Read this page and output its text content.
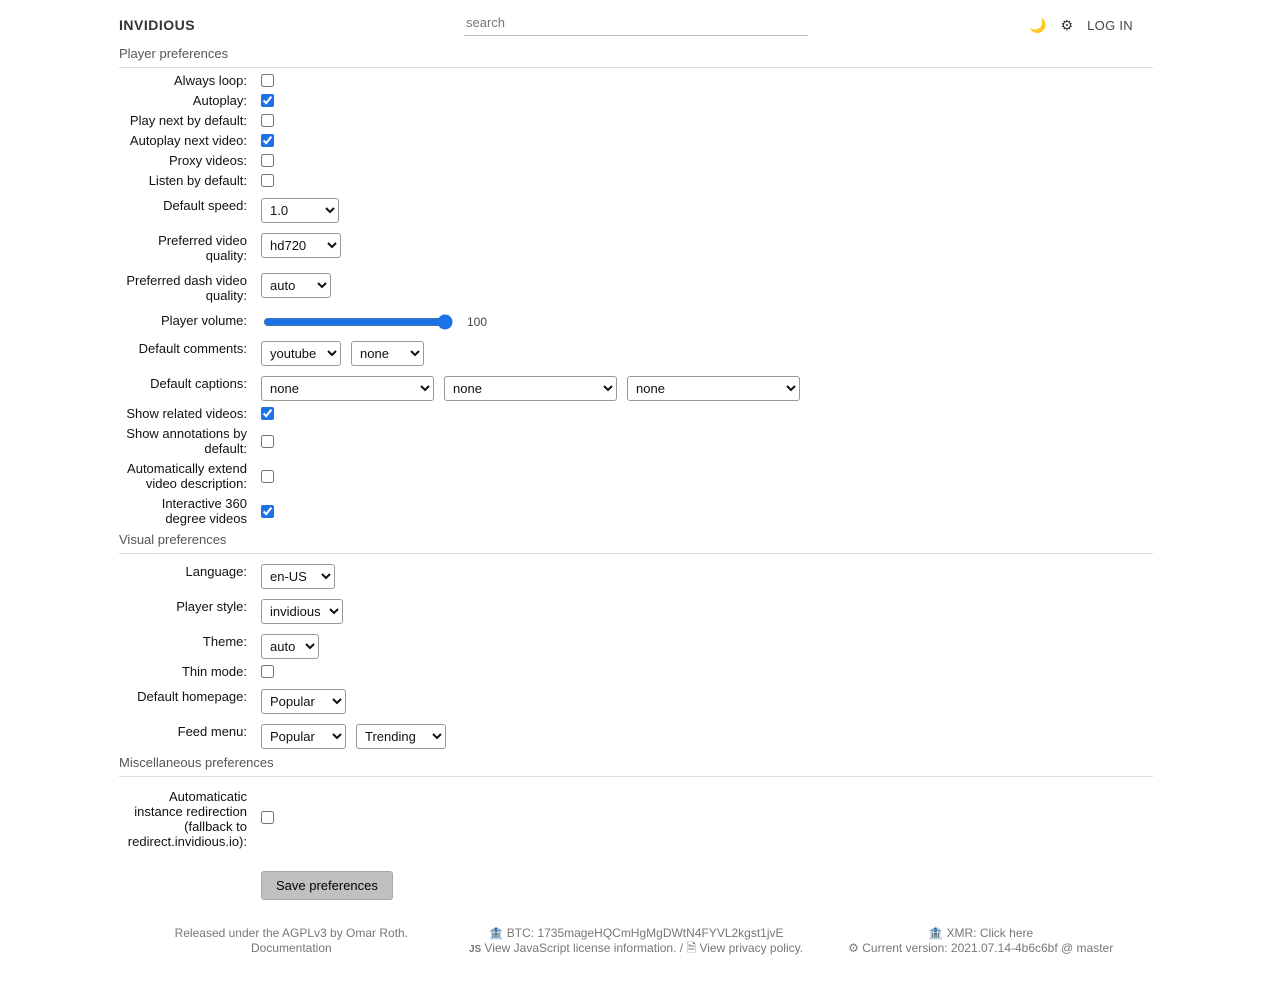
INVIDIOUS
search	🌙 ⚙ LOG IN
Player preferences
Always loop:
Autoplay:
Play next by default:
Autoplay next video:
Proxy videos:
Listen by default:
Default speed:
1.0
Preferred video quality:
hd720
Preferred dash video quality:
auto
Player volume:	100
Default comments:
youtube
none
Default captions:
none
none
none
Show related videos:
Show annotations by default:
Automatically extend video description:
Interactive 360 degree videos
Visual preferences
Language:
en-US
Player style:
invidious
Theme:
auto
Thin mode:
Default homepage:
Popular
Feed menu:
Popular
Trending
Miscellaneous preferences
Automaticatic instance redirection (fallback to redirect.invidious.io):
Save preferences
Released under the AGPLv3 by Omar Roth.
Documentation
🏦 BTC: 1735mageHQCmHgMgDWtN4FYVL2kgst1jvE
JS View JavaScript license information. / 🗎 View privacy policy.
🏦 XMR: Click here
⚙ Current version: 2021.07.14-4b6c6bf @ master
